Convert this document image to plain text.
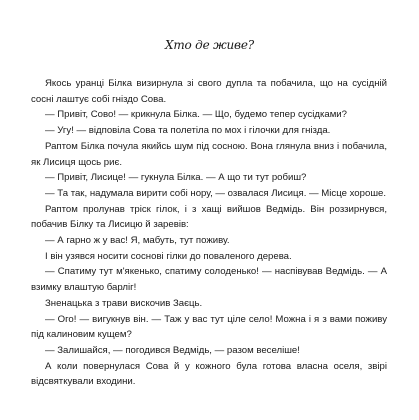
Хто де живе?

Якось уранці Білка визирнула зі свого дупла та побачила, що на сусідній сосні лаштує собі гніздо Сова.

— Привіт, Сово! — крикнула Білка. — Що, будемо тепер сусідками?

— Угу! — відповіла Сова та полетіла по мох і гілочки для гнізда.

Раптом Білка почула якийсь шум під сосною. Вона глянула вниз і побачила, як Лисиця щось риє.

— Привіт, Лисице! — гукнула Білка. — А що ти тут робиш?

— Та так, надумала вирити собі нору, — озвалася Лисиця. — Місце хороше.

Раптом пролунав тріск гілок, і з хащі вийшов Ведмідь. Він роззирнувся, побачив Білку та Лисицю й заревів:

— А гарно ж у вас! Я, мабуть, тут поживу.

І він узявся носити соснові гілки до поваленого дерева.

— Спатиму тут м'якенько, спатиму солоденько! — наспівував Ведмідь. — А взимку влаштую барліг!

Зненацька з трави вискочив Заєць.

— Ого! — вигукнув він. — Таж у вас тут ціле село! Можна і я з вами поживу під калиновим кущем?

— Залишайся, — погодився Ведмідь, — разом веселіше!

А коли повернулася Сова й у кожного була готова власна оселя, звірі відсвяткували входини.
